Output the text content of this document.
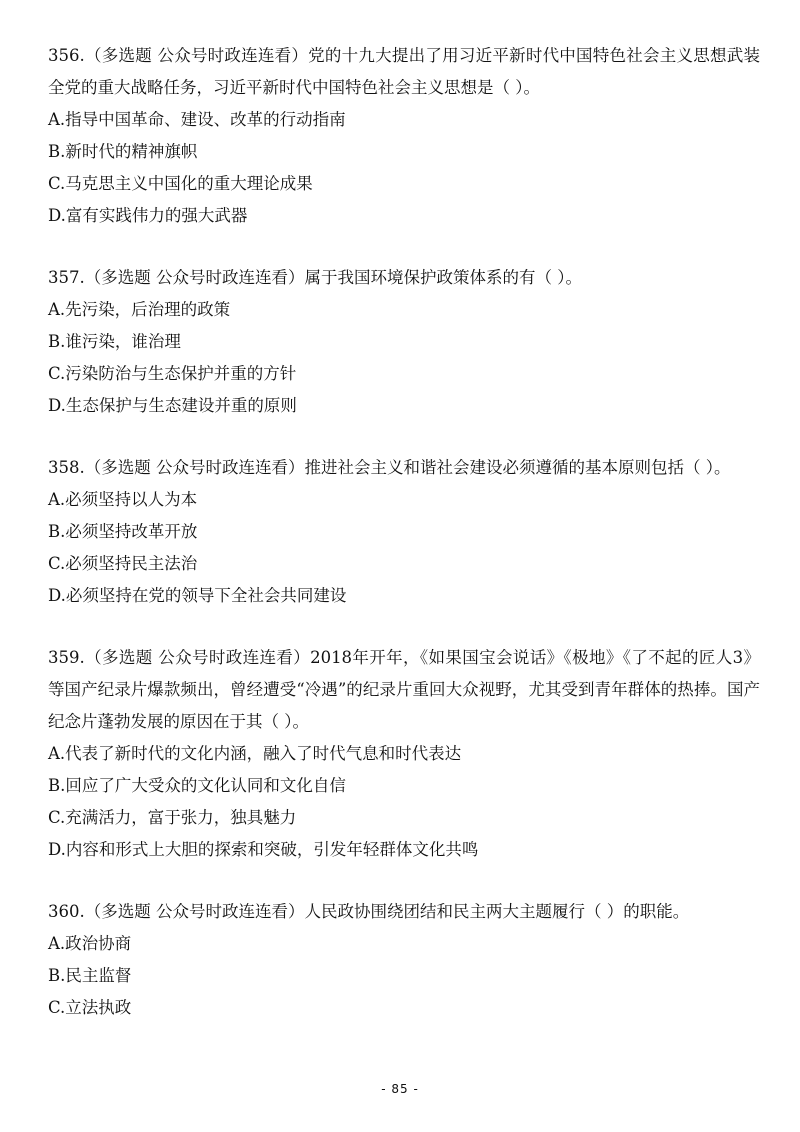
356.（多选题 公众号时政连连看）党的十九大提出了用习近平新时代中国特色社会主义思想武装全党的重大战略任务，习近平新时代中国特色社会主义思想是（ ）。

A.指导中国革命、建设、改革的行动指南

B.新时代的精神旗帜

C.马克思主义中国化的重大理论成果

D.富有实践伟力的强大武器

357.（多选题 公众号时政连连看）属于我国环境保护政策体系的有（ ）。

A.先污染，后治理的政策

B.谁污染，谁治理

C.污染防治与生态保护并重的方针

D.生态保护与生态建设并重的原则

358.（多选题 公众号时政连连看）推进社会主义和谐社会建设必须遵循的基本原则包括（ ）。

A.必须坚持以人为本

B.必须坚持改革开放

C.必须坚持民主法治

D.必须坚持在党的领导下全社会共同建设

359.（多选题 公众号时政连连看）2018年开年，《如果国宝会说话》《极地》《了不起的匠人3》等国产纪录片爆款频出，曾经遭受“冷遇”的纪录片重回大众视野，尤其受到青年群体的热捧。国产纪念片蓬勃发展的原因在于其（ ）。

A.代表了新时代的文化内涵，融入了时代气息和时代表达

B.回应了广大受众的文化认同和文化自信

C.充满活力，富于张力，独具魅力

D.内容和形式上大胆的探索和突破，引发年轻群体文化共鸣

360.（多选题 公众号时政连连看）人民政协围绕团结和民主两大主题履行（ ）的职能。

A.政治协商

B.民主监督

C.立法执政

- 85 -
